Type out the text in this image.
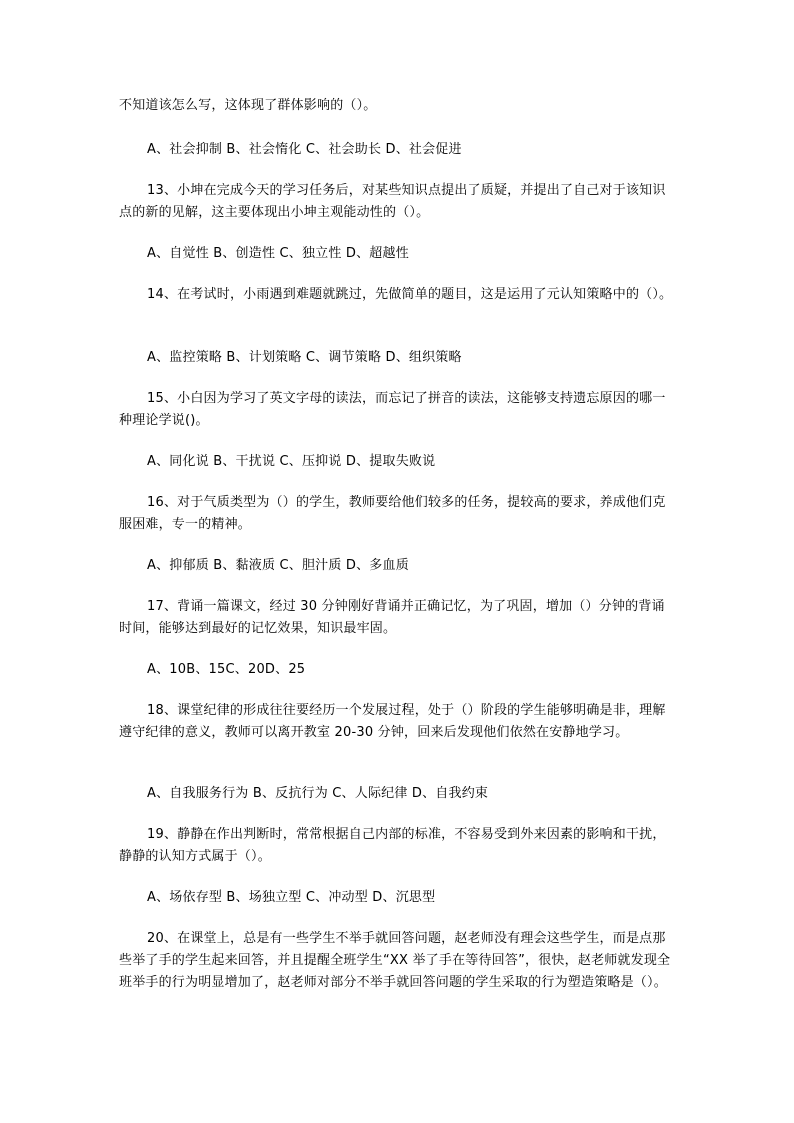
不知道该怎么写，这体现了群体影响的（）。

A、社会抑制 B、社会惰化 C、社会助长 D、社会促进

13、小坤在完成今天的学习任务后，对某些知识点提出了质疑，并提出了自己对于该知识点的新的见解，这主要体现出小坤主观能动性的（）。

A、自觉性 B、创造性 C、独立性 D、超越性

14、在考试时，小雨遇到难题就跳过，先做简单的题目，这是运用了元认知策略中的（）。

A、监控策略 B、计划策略 C、调节策略 D、组织策略

15、小白因为学习了英文字母的读法，而忘记了拼音的读法，这能够支持遗忘原因的哪一种理论学说()。

A、同化说 B、干扰说 C、压抑说 D、提取失败说

16、对于气质类型为（）的学生，教师要给他们较多的任务，提较高的要求，养成他们克服困难，专一的精神。

A、抑郁质 B、黏液质 C、胆汁质 D、多血质

17、背诵一篇课文，经过 30 分钟刚好背诵并正确记忆，为了巩固，增加（）分钟的背诵时间，能够达到最好的记忆效果，知识最牢固。

A、10B、15C、20D、25

18、课堂纪律的形成往往要经历一个发展过程，处于（）阶段的学生能够明确是非，理解遵守纪律的意义，教师可以离开教室 20-30 分钟，回来后发现他们依然在安静地学习。

A、自我服务行为 B、反抗行为 C、人际纪律 D、自我约束

19、静静在作出判断时，常常根据自己内部的标准，不容易受到外来因素的影响和干扰，静静的认知方式属于（）。

A、场依存型 B、场独立型 C、冲动型 D、沉思型

20、在课堂上，总是有一些学生不举手就回答问题，赵老师没有理会这些学生，而是点那些举了手的学生起来回答，并且提醒全班学生“XX 举了手在等待回答”，很快，赵老师就发现全班举手的行为明显增加了，赵老师对部分不举手就回答问题的学生采取的行为塑造策略是（）。
